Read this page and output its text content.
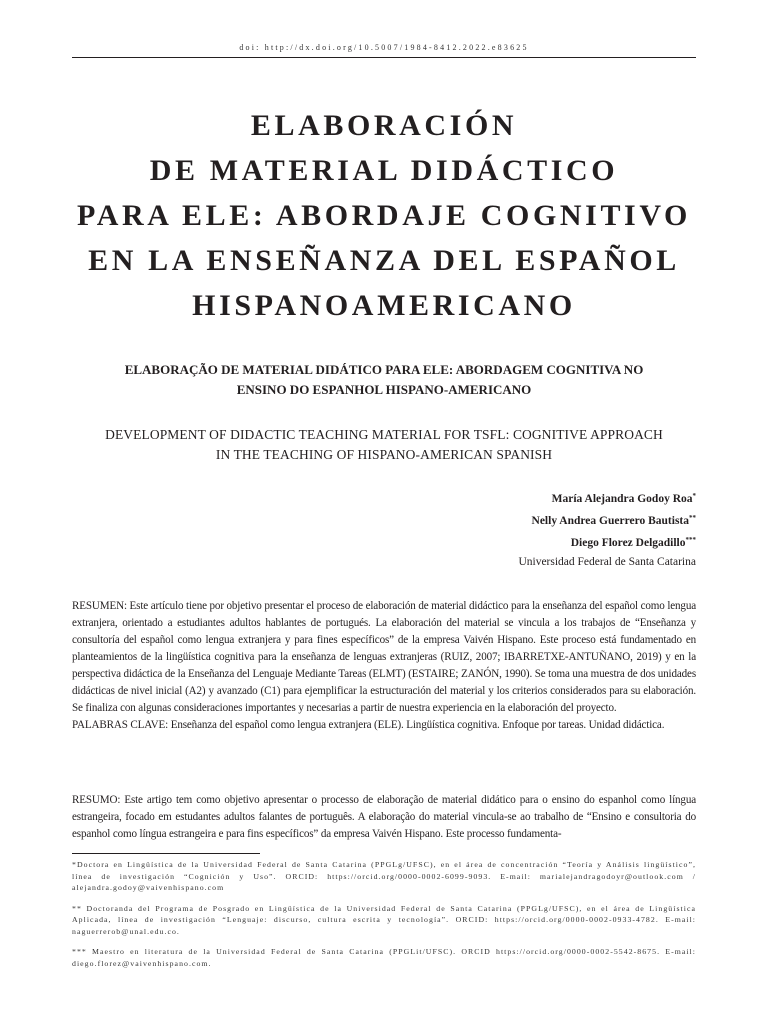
doi: http://dx.doi.org/10.5007/1984-8412.2022.e83625
ELABORACIÓN
DE MATERIAL DIDÁCTICO
PARA ELE: ABORDAJE COGNITIVO
EN LA ENSEÑANZA DEL ESPAÑOL
HISPANOAMERICANO
ELABORAÇÃO DE MATERIAL DIDÁTICO PARA ELE: ABORDAGEM COGNITIVA NO
ENSINO DO ESPANHOL HISPANO-AMERICANO
DEVELOPMENT OF DIDACTIC TEACHING MATERIAL FOR TSFL: COGNITIVE APPROACH
IN THE TEACHING OF HISPANO-AMERICAN SPANISH
María Alejandra Godoy Roa*
Nelly Andrea Guerrero Bautista**
Diego Florez Delgadillo***
Universidad Federal de Santa Catarina

RESUMEN: Este artículo tiene por objetivo presentar el proceso de elaboración de material didáctico para la enseñanza del español como lengua extranjera, orientado a estudiantes adultos hablantes de portugués. La elaboración del material se vincula a los trabajos de “Enseñanza y consultoría del español como lengua extranjera y para fines específicos” de la empresa Vaivén Hispano. Este proceso está fundamentado en planteamientos de la lingüística cognitiva para la enseñanza de lenguas extranjeras (RUIZ, 2007; IBARRETXE-ANTUÑANO, 2019) y en la perspectiva didáctica de la Enseñanza del Lenguaje Mediante Tareas (ELMT) (ESTAIRE; ZANÓN, 1990). Se toma una muestra de dos unidades didácticas de nivel inicial (A2) y avanzado (C1) para ejemplificar la estructuración del material y los criterios considerados para su elaboración. Se finaliza con algunas consideraciones importantes y necesarias a partir de nuestra experiencia en la elaboración del proyecto.

PALABRAS CLAVE: Enseñanza del español como lengua extranjera (ELE). Lingüística cognitiva. Enfoque por tareas. Unidad didáctica.

RESUMO: Este artigo tem como objetivo apresentar o processo de elaboração de material didático para o ensino do espanhol como língua estrangeira, focado em estudantes adultos falantes de português. A elaboração do material vincula-se ao trabalho de “Ensino e consultoria do espanhol como língua estrangeira e para fins específicos” da empresa Vaivén Hispano. Este processo fundamenta-

*Doctora en Lingüística de la Universidad Federal de Santa Catarina (PPGLg/UFSC), en el área de concentración “Teoría y Análisis lingüístico”, línea de investigación “Cognición y Uso”. ORCID: https://orcid.org/0000-0002-6099-9093. E-mail: marialejandragodoyr@outlook.com / alejandra.godoy@vaivenhispano.com

** Doctoranda del Programa de Posgrado en Lingüística de la Universidad Federal de Santa Catarina (PPGLg/UFSC), en el área de Lingüística Aplicada, línea de investigación “Lenguaje: discurso, cultura escrita y tecnología”. ORCID: https://orcid.org/0000-0002-0933-4782. E-mail: naguerrerob@unal.edu.co.

*** Maestro en literatura de la Universidad Federal de Santa Catarina (PPGLit/UFSC). ORCID https://orcid.org/0000-0002-5542-8675. E-mail: diego.florez@vaivenhispano.com.
